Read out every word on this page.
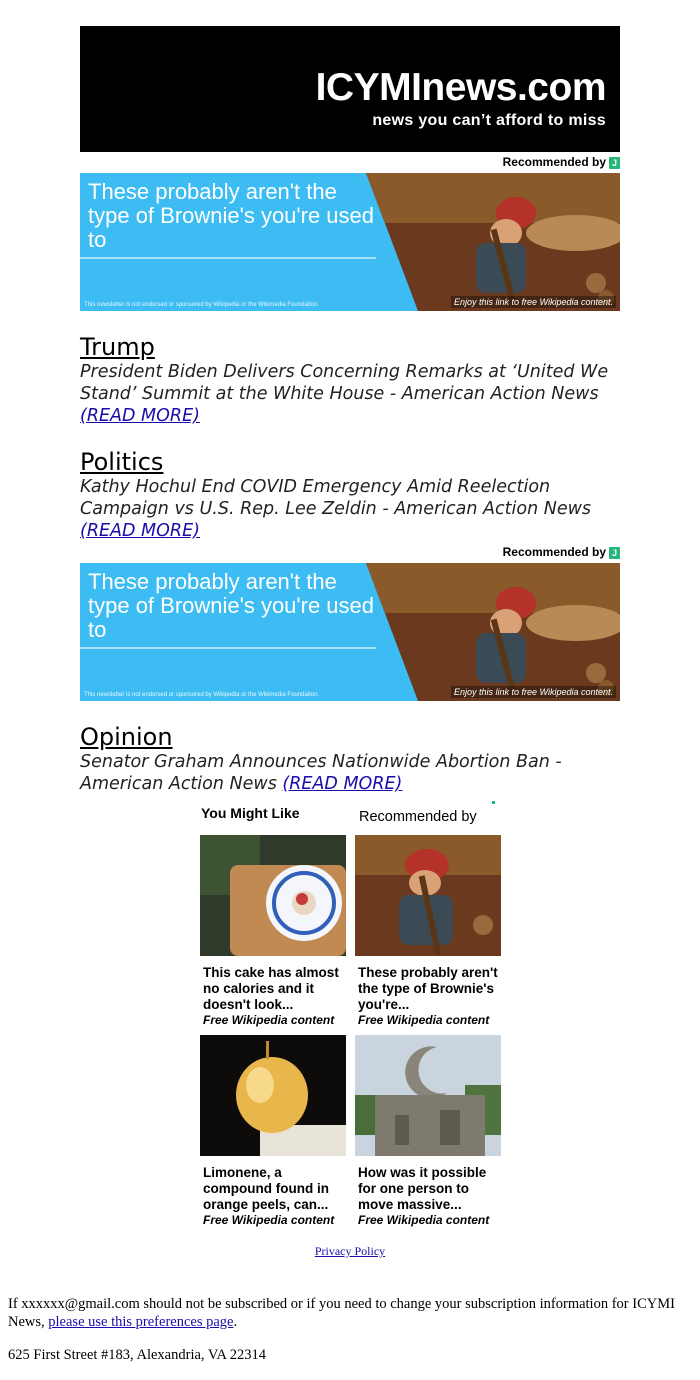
ICYMInews.com
news you can’t afford to miss
Recommended by J
These probably aren't the type of Brownie's you're used to
This newsletter is not endorsed or sponsored by Wikipedia or the Wikimedia Foundation.	Enjoy this link to free Wikipedia content.
Trump
President Biden Delivers Concerning Remarks at ‘United We Stand’ Summit at the White House - American Action News (READ MORE)
Politics
Kathy Hochul End COVID Emergency Amid Reelection Campaign vs U.S. Rep. Lee Zeldin - American Action News (READ MORE)
Recommended by J
These probably aren't the type of Brownie's you're used to
This newsletter is not endorsed or sponsored by Wikipedia or the Wikimedia Foundation.	Enjoy this link to free Wikipedia content.
Opinion
Senator Graham Announces Nationwide Abortion Ban - American Action News (READ MORE)
You Might Like	Recommended by
This cake has almost no calories and it doesn't look...
Free Wikipedia content
These probably aren't the type of Brownie's you're...
Free Wikipedia content
Limonene, a compound found in orange peels, can...
Free Wikipedia content
How was it possible for one person to move massive...
Free Wikipedia content
Privacy Policy
If xxxxxx@gmail.com should not be subscribed or if you need to change your subscription information for ICYMI News, please use this preferences page.
625 First Street #183, Alexandria, VA 22314
